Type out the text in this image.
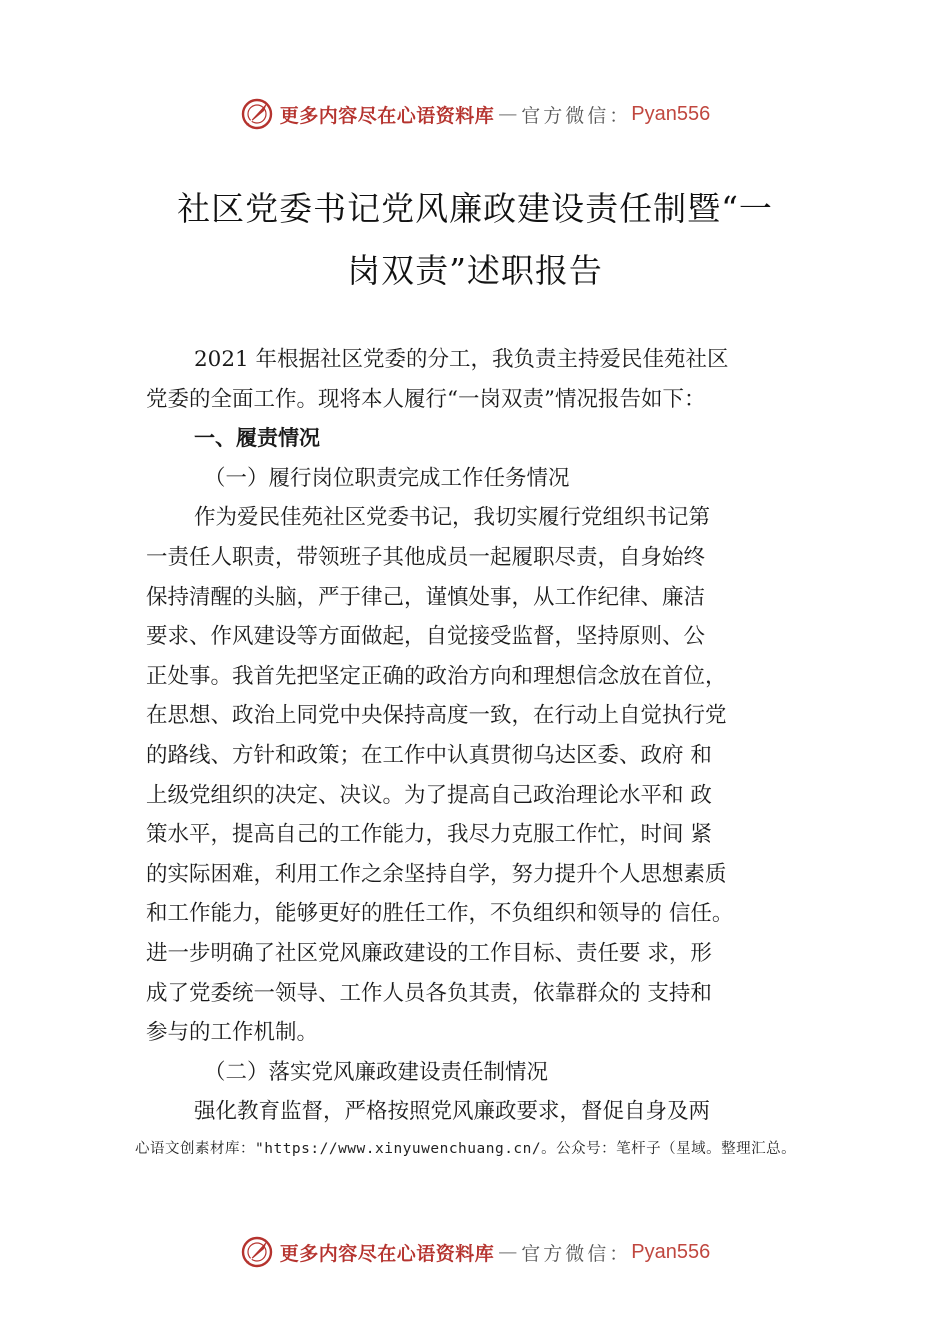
更多内容尽在心语资料库 — 官方微信： Pyan556
社区党委书记党风廉政建设责任制暨“一
岗双责”述职报告

2021 年根据社区党委的分工，我负责主持爱民佳苑社区
党委的全面工作。现将本人履行“一岗双责”情况报告如下：

一、履责情况

（一）履行岗位职责完成工作任务情况

作为爱民佳苑社区党委书记，我切实履行党组织书记第
一责任人职责，带领班子其他成员一起履职尽责，自身始终
保持清醒的头脑，严于律己，谨慎处事，从工作纪律、廉洁
要求、作风建设等方面做起，自觉接受监督，坚持原则、公
正处事。我首先把坚定正确的政治方向和理想信念放在首位，
在思想、政治上同党中央保持高度一致，在行动上自觉执行党
的路线、方针和政策；在工作中认真贯彻乌达区委、政府 和
上级党组织的决定、决议。为了提高自己政治理论水平和 政
策水平，提高自己的工作能力，我尽力克服工作忙，时间 紧
的实际困难，利用工作之余坚持自学，努力提升个人思想素质
和工作能力，能够更好的胜任工作，不负组织和领导的 信任。
进一步明确了社区党风廉政建设的工作目标、责任要 求，形
成了党委统一领导、工作人员各负其责，依靠群众的 支持和
参与的工作机制。

（二）落实党风廉政建设责任制情况

强化教育监督，严格按照党风廉政要求，督促自身及两

心语文创素材库："https://www.xinyuwenchuang.cn/。公众号：笔杆子（星域。整理汇总。
更多内容尽在心语资料库 — 官方微信： Pyan556
